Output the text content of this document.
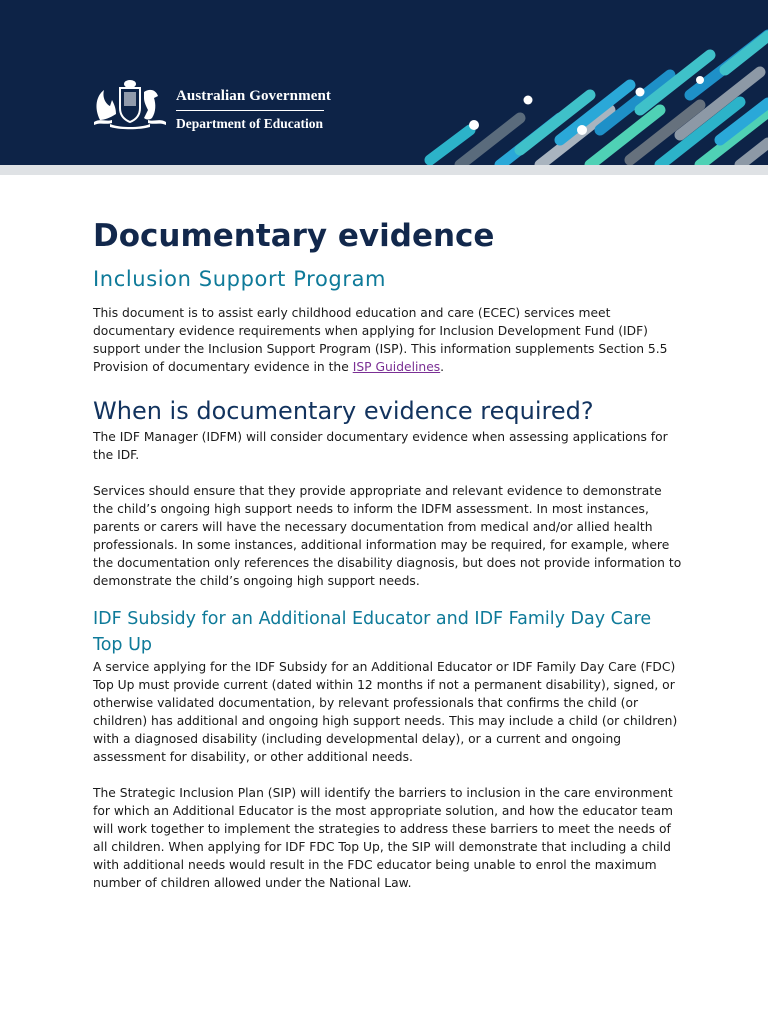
Australian Government
Department of Education
Documentary evidence
Inclusion Support Program

This document is to assist early childhood education and care (ECEC) services meet documentary evidence requirements when applying for Inclusion Development Fund (IDF) support under the Inclusion Support Program (ISP). This information supplements Section 5.5 Provision of documentary evidence in the ISP Guidelines.

When is documentary evidence required?

The IDF Manager (IDFM) will consider documentary evidence when assessing applications for the IDF.

Services should ensure that they provide appropriate and relevant evidence to demonstrate the child’s ongoing high support needs to inform the IDFM assessment. In most instances, parents or carers will have the necessary documentation from medical and/or allied health professionals. In some instances, additional information may be required, for example, where the documentation only references the disability diagnosis, but does not provide information to demonstrate the child’s ongoing high support needs.

IDF Subsidy for an Additional Educator and IDF Family Day Care Top Up

A service applying for the IDF Subsidy for an Additional Educator or IDF Family Day Care (FDC) Top Up must provide current (dated within 12 months if not a permanent disability), signed, or otherwise validated documentation, by relevant professionals that confirms the child (or children) has additional and ongoing high support needs. This may include a child (or children) with a diagnosed disability (including developmental delay), or a current and ongoing assessment for disability, or other additional needs.

The Strategic Inclusion Plan (SIP) will identify the barriers to inclusion in the care environment for which an Additional Educator is the most appropriate solution, and how the educator team will work together to implement the strategies to address these barriers to meet the needs of all children. When applying for IDF FDC Top Up, the SIP will demonstrate that including a child with additional needs would result in the FDC educator being unable to enrol the maximum number of children allowed under the National Law.
